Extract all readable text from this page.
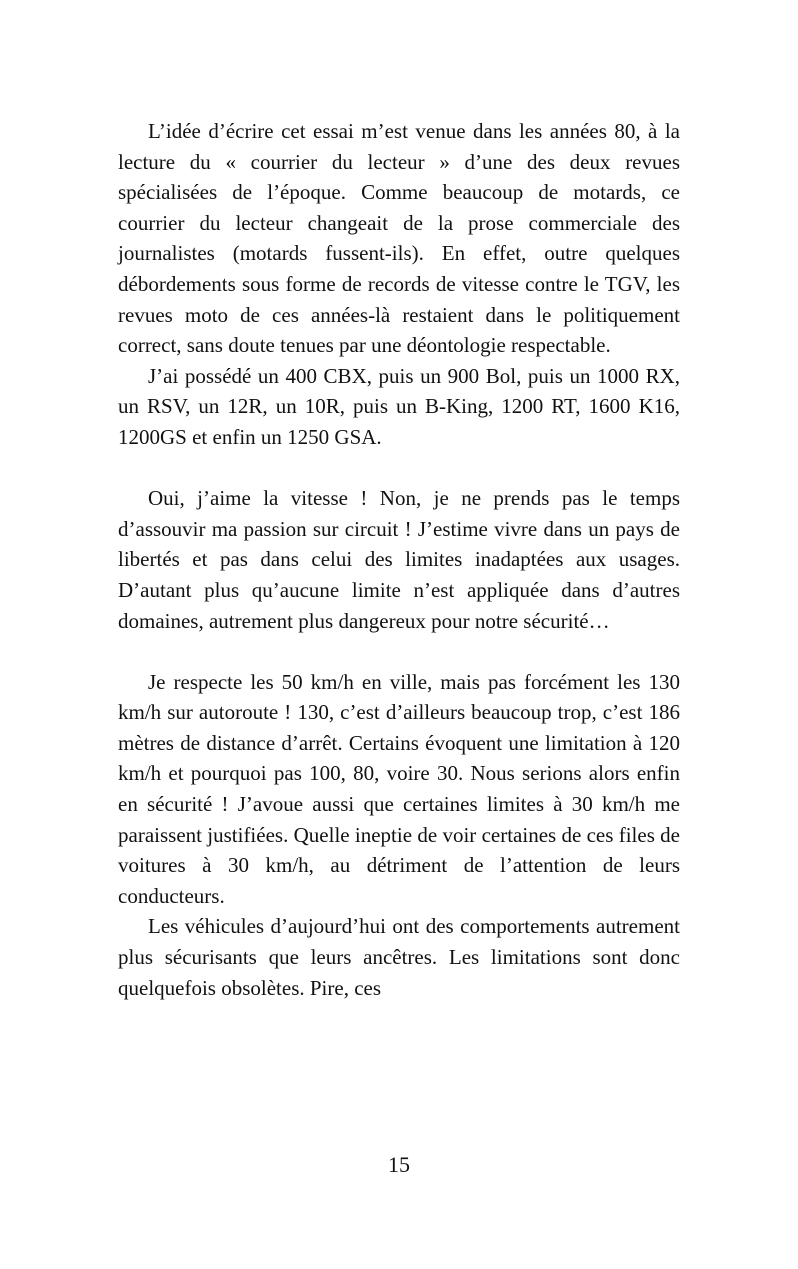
L’idée d’écrire cet essai m’est venue dans les années 80, à la lecture du « courrier du lecteur » d’une des deux revues spécialisées de l’époque. Comme beaucoup de motards, ce courrier du lecteur changeait de la prose commerciale des journalistes (motards fussent-ils). En effet, outre quelques débordements sous forme de records de vitesse contre le TGV, les revues moto de ces années-là restaient dans le politiquement correct, sans doute tenues par une déontologie respectable.

J’ai possédé un 400 CBX, puis un 900 Bol, puis un 1000 RX, un RSV, un 12R, un 10R, puis un B-King, 1200 RT, 1600 K16, 1200GS et enfin un 1250 GSA.

Oui, j’aime la vitesse ! Non, je ne prends pas le temps d’assouvir ma passion sur circuit ! J’estime vivre dans un pays de libertés et pas dans celui des limites inadaptées aux usages. D’autant plus qu’aucune limite n’est appliquée dans d’autres domaines, autrement plus dangereux pour notre sécurité…

Je respecte les 50 km/h en ville, mais pas forcément les 130 km/h sur autoroute ! 130, c’est d’ailleurs beaucoup trop, c’est 186 mètres de distance d’arrêt. Certains évoquent une limitation à 120 km/h et pourquoi pas 100, 80, voire 30. Nous serions alors enfin en sécurité ! J’avoue aussi que certaines limites à 30 km/h me paraissent justifiées. Quelle ineptie de voir certaines de ces files de voitures à 30 km/h, au détriment de l’attention de leurs conducteurs.

Les véhicules d’aujourd’hui ont des comportements autrement plus sécurisants que leurs ancêtres. Les limitations sont donc quelquefois obsolètes. Pire, ces

15
